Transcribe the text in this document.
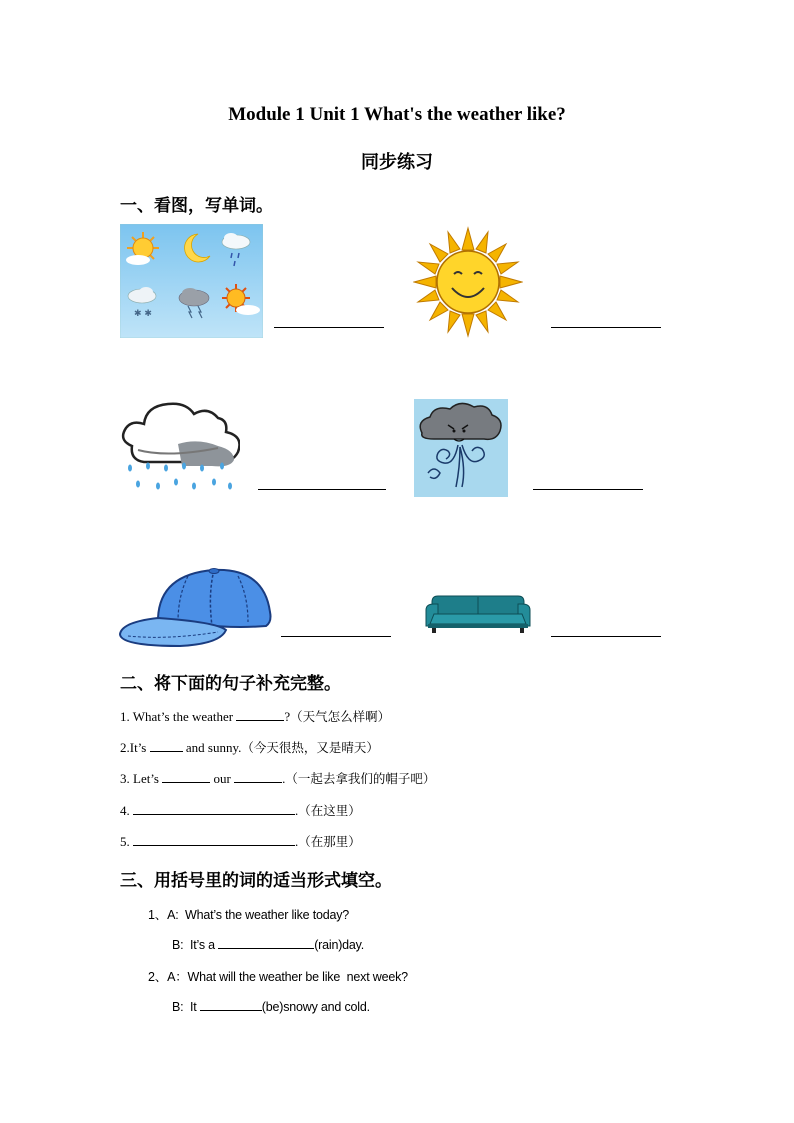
Module 1 Unit 1 What's the weather like?
同步练习
一、看图，写单词。
✱ ✱
二、将下面的句子补充完整。
1. What’s the weather	?（天气怎么样啊）
2.It’s	and sunny.（今天很热，又是晴天）
3. Let’s	our	.（一起去拿我们的帽子吧）
4.	.（在这里）
5.	.（在那里）
三、用括号里的词的适当形式填空。
1、A:  What’s the weather like today?
B:  It’s a	(rain)day.
2、A：What will the weather be like  next week?
B:  It	(be)snowy and cold.
